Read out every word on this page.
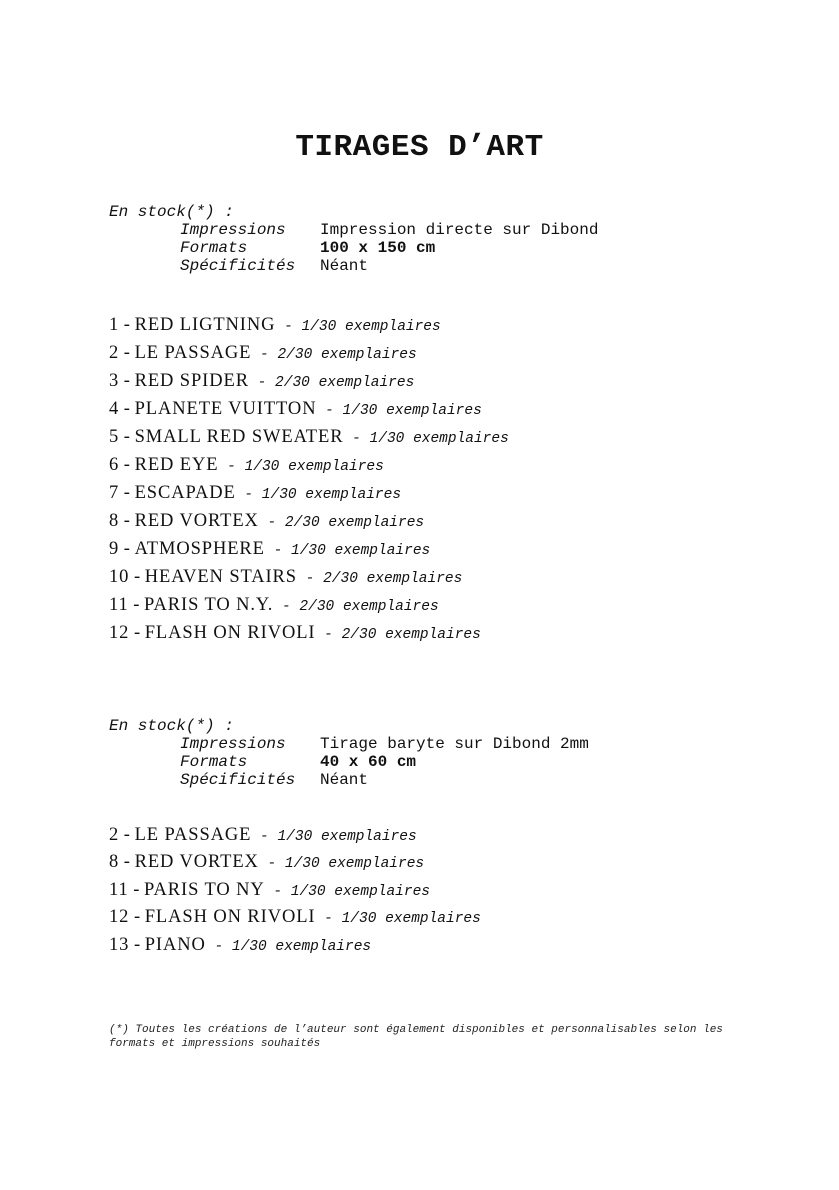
TIRAGES D’ART
En stock(*) :
Impressions	Impression directe sur Dibond
Formats	100 x 150 cm
Spécificités	Néant
1 - RED LIGTNING - 1/30 exemplaires
2 - LE PASSAGE - 2/30 exemplaires
3 - RED SPIDER - 2/30 exemplaires
4 - PLANETE VUITTON - 1/30 exemplaires
5 - SMALL RED SWEATER - 1/30 exemplaires
6 - RED EYE - 1/30 exemplaires
7 - ESCAPADE - 1/30 exemplaires
8 - RED VORTEX - 2/30 exemplaires
9 - ATMOSPHERE - 1/30 exemplaires
10 - HEAVEN STAIRS - 2/30 exemplaires
11 - PARIS TO N.Y. - 2/30 exemplaires
12 - FLASH ON RIVOLI - 2/30 exemplaires
En stock(*) :
Impressions	Tirage baryte sur Dibond 2mm
Formats	40 x 60 cm
Spécificités	Néant
2 - LE PASSAGE - 1/30 exemplaires
8 - RED VORTEX - 1/30 exemplaires
11 - PARIS TO NY - 1/30 exemplaires
12 - FLASH ON RIVOLI - 1/30 exemplaires
13 - PIANO - 1/30 exemplaires

(*) Toutes les créations de l’auteur sont également disponibles et personnalisables selon les formats et impressions souhaités
